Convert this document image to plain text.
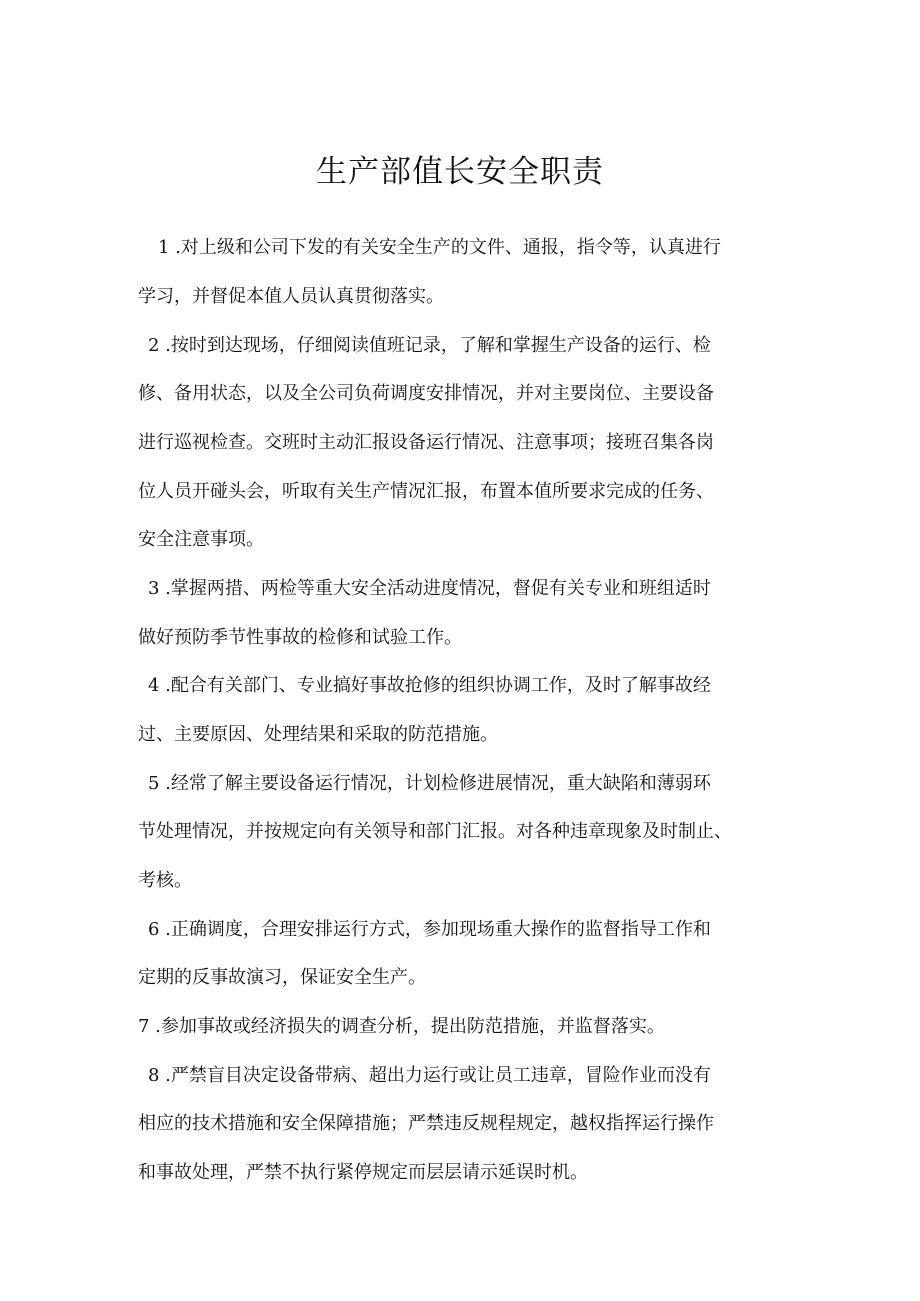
生产部值长安全职责
1 .对上级和公司下发的有关安全生产的文件、通报，指令等，认真进行
学习，并督促本值人员认真贯彻落实。
2 .按时到达现场，仔细阅读值班记录，了解和掌握生产设备的运行、检
修、备用状态，以及全公司负荷调度安排情况，并对主要岗位、主要设备
进行巡视检查。交班时主动汇报设备运行情况、注意事项；接班召集各岗
位人员开碰头会，听取有关生产情况汇报，布置本值所要求完成的任务、
安全注意事项。
3 .掌握两措、两检等重大安全活动进度情况，督促有关专业和班组适时
做好预防季节性事故的检修和试验工作。
4 .配合有关部门、专业搞好事故抢修的组织协调工作，及时了解事故经
过、主要原因、处理结果和采取的防范措施。
5 .经常了解主要设备运行情况，计划检修进展情况，重大缺陷和薄弱环
节处理情况，并按规定向有关领导和部门汇报。对各种违章现象及时制止、
考核。
6 .正确调度，合理安排运行方式，参加现场重大操作的监督指导工作和
定期的反事故演习，保证安全生产。
7 .参加事故或经济损失的调查分析，提出防范措施，并监督落实。
8 .严禁盲目决定设备带病、超出力运行或让员工违章，冒险作业而没有
相应的技术措施和安全保障措施；严禁违反规程规定，越权指挥运行操作
和事故处理，严禁不执行紧停规定而层层请示延误时机。
